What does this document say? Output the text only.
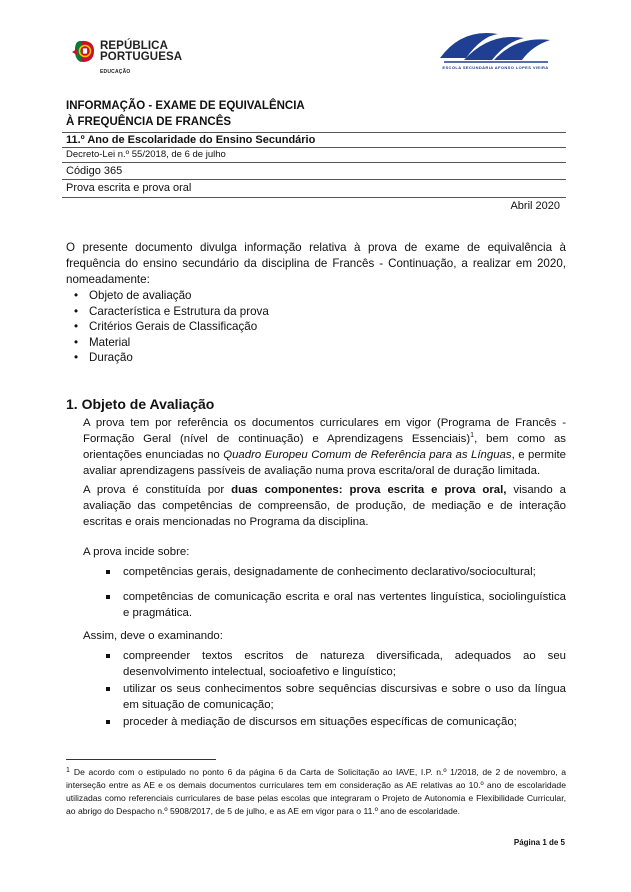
REPÚBLICA
PORTUGUESA
EDUCAÇÃO
ESCOLA SECUNDÁRIA AFONSO LOPES VIEIRA
INFORMAÇÃO - EXAME DE EQUIVALÊNCIA
À FREQUÊNCIA DE FRANCÊS
11.º Ano de Escolaridade do Ensino Secundário
Decreto-Lei n.º 55/2018, de 6 de julho
Código 365
Prova escrita e prova oral
Abril 2020
O presente documento divulga informação relativa à prova de exame de equivalência à frequência do ensino secundário da disciplina de Francês - Continuação, a realizar em 2020, nomeadamente:
• Objeto de avaliação
• Característica e Estrutura da prova
• Critérios Gerais de Classificação
• Material
• Duração
1. Objeto de Avaliação
A prova tem por referência os documentos curriculares em vigor (Programa de Francês - Formação Geral (nível de continuação) e Aprendizagens Essenciais)$^1$, bem como as orientações enunciadas no Quadro Europeu Comum de Referência para as Línguas, e permite avaliar aprendizagens passíveis de avaliação numa prova escrita/oral de duração limitada.
A prova é constituída por duas componentes: prova escrita e prova oral, visando a avaliação das competências de compreensão, de produção, de mediação e de interação escritas e orais mencionadas no Programa da disciplina.
A prova incide sobre:
competências gerais, designadamente de conhecimento declarativo/sociocultural;
competências de comunicação escrita e oral nas vertentes linguística, sociolinguística e pragmática.
Assim, deve o examinando:
compreender textos escritos de natureza diversificada, adequados ao seu desenvolvimento intelectual, socioafetivo e linguístico;
utilizar os seus conhecimentos sobre sequências discursivas e sobre o uso da língua em situação de comunicação;
proceder à mediação de discursos em situações específicas de comunicação;
$^1$ De acordo com o estipulado no ponto 6 da página 6 da Carta de Solicitação ao IAVE, I.P. n.º 1/2018, de 2 de novembro, a interseção entre as AE e os demais documentos curriculares tem em consideração as AE relativas ao 10.º ano de escolaridade utilizadas como referenciais curriculares de base pelas escolas que integraram o Projeto de Autonomia e Flexibilidade Curricular, ao abrigo do Despacho n.º 5908/2017, de 5 de julho, e as AE em vigor para o 11.º ano de escolaridade.
Página 1 de 5
